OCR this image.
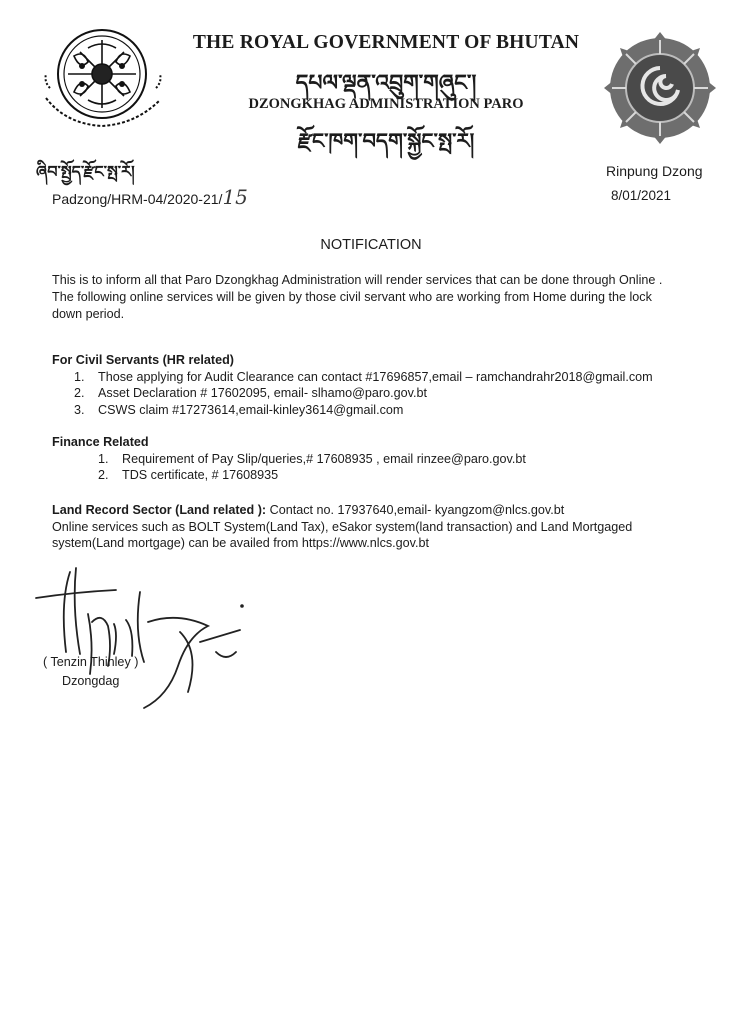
THE ROYAL GOVERNMENT OF BHUTAN
དཔལ་ལྡན་འབྲུག་གཞུང་།
DZONGKHAG ADMINISTRATION PARO
རྫོང་ཁག་བདག་སྐྱོང་སྤ་རོ།
ཞིབ་སྤྱོད་རྫོང་སྤ་རོ།
Padzong/HRM-04/2020-21/15
Rinpung Dzong
8/01/2021
NOTIFICATION
This is to inform all that Paro Dzongkhag Administration will render services that can be done through Online .
The following online services will be given by those civil servant who are working from Home during the lock
down period.
For Civil Servants (HR related)
1. Those applying for Audit Clearance can contact #17696857,email – ramchandrahr2018@gmail.com
2. Asset Declaration # 17602095, email- slhamo@paro.gov.bt
3. CSWS claim #17273614,email-kinley3614@gmail.com
Finance Related
1. Requirement of Pay Slip/queries,# 17608935 , email rinzee@paro.gov.bt
2. TDS certificate, # 17608935
Land Record Sector (Land related ): Contact no. 17937640,email- kyangzom@nlcs.gov.bt
Online services such as BOLT System(Land Tax), eSakor system(land transaction) and Land Mortgaged
system(Land mortgage) can be availed from https://www.nlcs.gov.bt
( Tenzin Thinley )
Dzongdag
